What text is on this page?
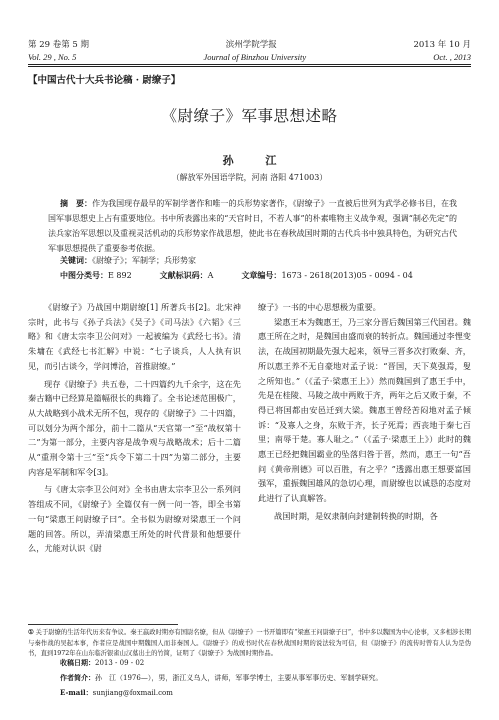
第 29 卷第 5 期	滨州学院学报	2013 年 10 月
Vol. 29 , No. 5	Journal of Binzhou University	Oct. , 2013
【中国古代十大兵书论稿 · 尉缭子】
《尉缭子》军事思想述略
孙 江
（解放军外国语学院，河南 洛阳 471003）
摘　要：作为我国现存最早的军制学著作和唯一的兵形势家著作，《尉缭子》一直被后世列为武学必修书目，在我国军事思想史上占有重要地位。书中所表露出来的“天官时日，不若人事”的朴素唯物主义战争观，强调“制必先定”的法兵家治军思想以及重视灵活机动的兵形势家作战思想，使此书在春秋战国时期的古代兵书中独具特色，为研究古代军事思想提供了重要参考依据。
关键词：《尉缭子》；军制学；兵形势家
中图分类号：E 892	文献标识码：A	文章编号：1673 - 2618(2013)05 - 0094 - 04

《尉缭子》乃战国中期尉缭[1] 所著兵书[2]。北宋神宗时，此书与《孙子兵法》《吴子》《司马法》《六韬》《三略》和《唐太宗李卫公问对》一起被编为《武经七书》。清朱墉在《武经七书汇解》中说：“七子谈兵，人人执有识见，而引古谈今，学问博洽，首推尉缭。”

现存《尉缭子》共五卷，二十四篇约九千余字，这在先秦古籍中已经算是篇幅很长的典籍了。全书论述范围极广，从大战略到小战术无所不包，现存的《尉缭子》二十四篇，可以划分为两个部分，前十二篇从“天官第一”至“战权第十二”为第一部分，主要内容是战争观与战略战术；后十二篇从“重刑令第十三”至“兵令下第二十四”为第二部分，主要内容是军制和军令[3]。

与《唐太宗李卫公问对》全书由唐太宗李卫公一系列问答组成不同，《尉缭子》全篇仅有一例一问一答，即全书第一句“梁惠王问尉缭子曰”。全书似为尉缭对梁惠王一个问题的回答。所以，弄清梁惠王所处的时代背景和他想要什么，尤能对认识《尉

缭子》一书的中心思想极为重要。

梁惠王本为魏惠王，乃三家分晋后魏国第三代国君。魏惠王所在之时，是魏国由盛而衰的转折点。魏国通过李悝变法，在战国初期最先强大起来，领导三晋多次打败秦、齐，所以惠王养不无自豪地对孟子说：“晋国，天下莫强焉，叟之所知也。”（《孟子·梁惠王上》）然而魏国到了惠王手中，先是在桂陵、马陵之战中两败于齐，两年之后又败于秦，不得已将国都由安邑迁到大梁。魏惠王曾经苦闷地对孟子倾诉：“及寡人之身，东败于齐，长子死焉；西丧地于秦七百里；南辱于楚。寡人耻之。”（《孟子·梁惠王上》）此时的魏惠王已经把魏国霸业的坠落归咎于晋，然而，惠王一句“吾问《黄帝刑德》可以百胜，有之乎？”透露出惠王想要富国强军，重振魏国雄风的急切心理，而尉缭也以诚恳的态度对此进行了认真解答。

战国时期，是奴隶制向封建制转换的时期，各

① 关于尉缭的生活年代历来有争议。秦王嬴政时期亦有国尉名缭，但从《尉缭子》一书开篇即有“梁惠王问尉缭子曰”，书中多以魏国为中心论事，又多相涉长期与秦作战的吴起本事，作者应是战国中期魏国人而非秦国人。《尉缭子》的成书时代在春秋战国时期的说法较为可信，但《尉缭子》的流传时曾有人认为是伪书，直到1972年在山东临沂银雀山汉墓出土的竹简，证明了《尉缭子》为战国时期作品。
收稿日期：2013 - 09 - 02
作者简介：孙　江（1976—），男，浙江义乌人，讲师，军事学博士，主要从事军事历史、军制学研究。
E-mail：sunjiang@foxmail.com
